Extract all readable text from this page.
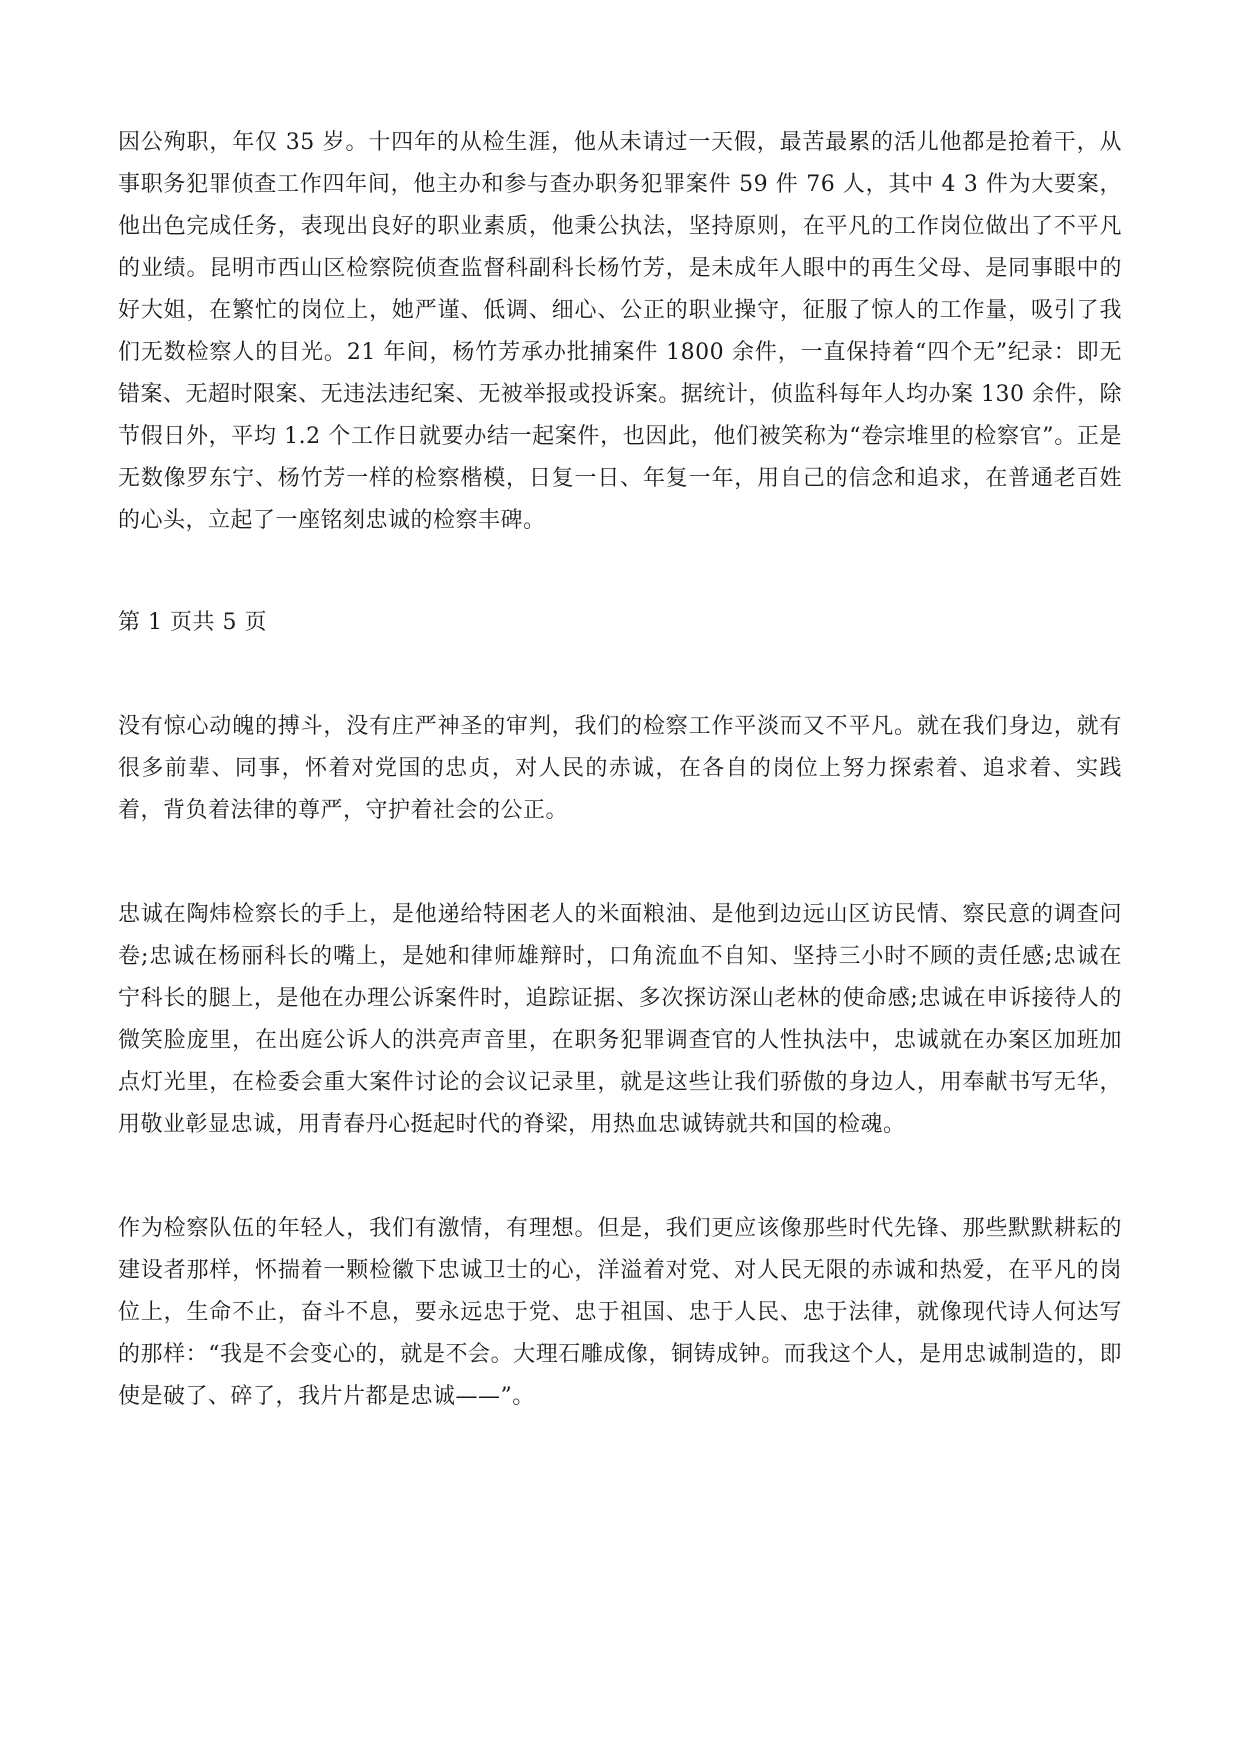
因公殉职，年仅 35 岁。十四年的从检生涯，他从未请过一天假，最苦最累的活儿他都是抢着干，从事职务犯罪侦查工作四年间，他主办和参与查办职务犯罪案件 59 件 76 人，其中 4 3 件为大要案，他出色完成任务，表现出良好的职业素质，他秉公执法，坚持原则，在平凡的工作岗位做出了不平凡的业绩。昆明市西山区检察院侦查监督科副科长杨竹芳，是未成年人眼中的再生父母、是同事眼中的好大姐，在繁忙的岗位上，她严谨、低调、细心、公正的职业操守，征服了惊人的工作量，吸引了我们无数检察人的目光。21 年间，杨竹芳承办批捕案件 1800 余件，一直保持着“四个无”纪录：即无错案、无超时限案、无违法违纪案、无被举报或投诉案。据统计，侦监科每年人均办案 130 余件，除节假日外，平均 1.2 个工作日就要办结一起案件，也因此，他们被笑称为“卷宗堆里的检察官”。正是无数像罗东宁、杨竹芳一样的检察楷模，日复一日、年复一年，用自己的信念和追求，在普通老百姓的心头，立起了一座铭刻忠诚的检察丰碑。

第 1 页共 5 页

没有惊心动魄的搏斗，没有庄严神圣的审判，我们的检察工作平淡而又不平凡。就在我们身边，就有很多前辈、同事，怀着对党国的忠贞，对人民的赤诚，在各自的岗位上努力探索着、追求着、实践着，背负着法律的尊严，守护着社会的公正。

忠诚在陶炜检察长的手上，是他递给特困老人的米面粮油、是他到边远山区访民情、察民意的调查问卷;忠诚在杨丽科长的嘴上，是她和律师雄辩时，口角流血不自知、坚持三小时不顾的责任感;忠诚在宁科长的腿上，是他在办理公诉案件时，追踪证据、多次探访深山老林的使命感;忠诚在申诉接待人的微笑脸庞里，在出庭公诉人的洪亮声音里，在职务犯罪调查官的人性执法中，忠诚就在办案区加班加点灯光里，在检委会重大案件讨论的会议记录里，就是这些让我们骄傲的身边人，用奉献书写无华，用敬业彰显忠诚，用青春丹心挺起时代的脊梁，用热血忠诚铸就共和国的检魂。

作为检察队伍的年轻人，我们有激情，有理想。但是，我们更应该像那些时代先锋、那些默默耕耘的建设者那样，怀揣着一颗检徽下忠诚卫士的心，洋溢着对党、对人民无限的赤诚和热爱，在平凡的岗位上，生命不止，奋斗不息，要永远忠于党、忠于祖国、忠于人民、忠于法律，就像现代诗人何达写的那样：“我是不会变心的，就是不会。大理石雕成像，铜铸成钟。而我这个人，是用忠诚制造的，即使是破了、碎了，我片片都是忠诚——”。
